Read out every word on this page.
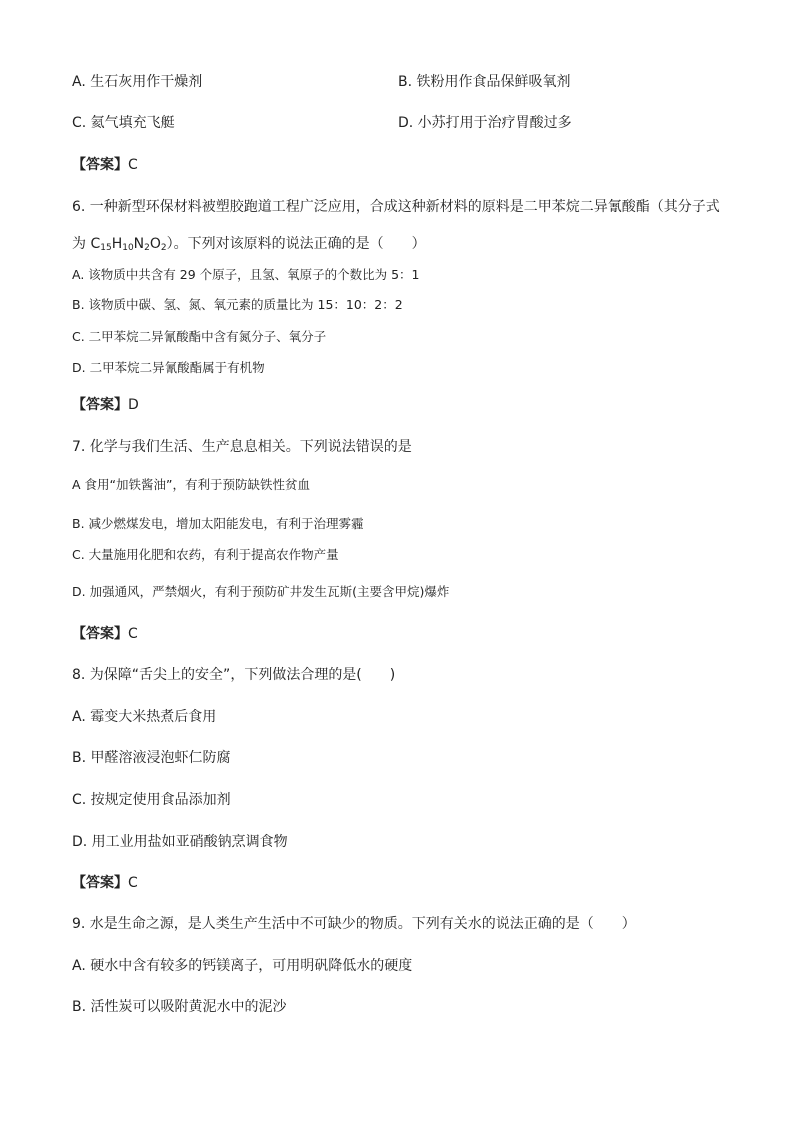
A. 生石灰用作干燥剂	B. 铁粉用作食品保鲜吸氧剂
C. 氦气填充飞艇	D. 小苏打用于治疗胃酸过多
【答案】C
6. 一种新型环保材料被塑胶跑道工程广泛应用，合成这种新材料的原料是二甲苯烷二异氰酸酯（其分子式
为 $C_{15}H_{10}N_2O_2$）。下列对该原料的说法正确的是（　　）
A. 该物质中共含有 29 个原子，且氢、氧原子的个数比为 5：1
B. 该物质中碳、氢、氮、氧元素的质量比为 15：10：2：2
C. 二甲苯烷二异氰酸酯中含有氮分子、氧分子
D. 二甲苯烷二异氰酸酯属于有机物
【答案】D
7. 化学与我们生活、生产息息相关。下列说法错误的是
A 食用“加铁酱油”，有利于预防缺铁性贫血
B. 减少燃煤发电，增加太阳能发电，有利于治理雾霾
C. 大量施用化肥和农药，有利于提高农作物产量
D. 加强通风，严禁烟火，有利于预防矿井发生瓦斯(主要含甲烷)爆炸
【答案】C
8. 为保障“舌尖上的安全”，下列做法合理的是(　　)
A. 霉变大米热煮后食用
B. 甲醛溶液浸泡虾仁防腐
C. 按规定使用食品添加剂
D. 用工业用盐如亚硝酸钠烹调食物
【答案】C
9. 水是生命之源，是人类生产生活中不可缺少的物质。下列有关水的说法正确的是（　　）
A. 硬水中含有较多的钙镁离子，可用明矾降低水的硬度
B. 活性炭可以吸附黄泥水中的泥沙
